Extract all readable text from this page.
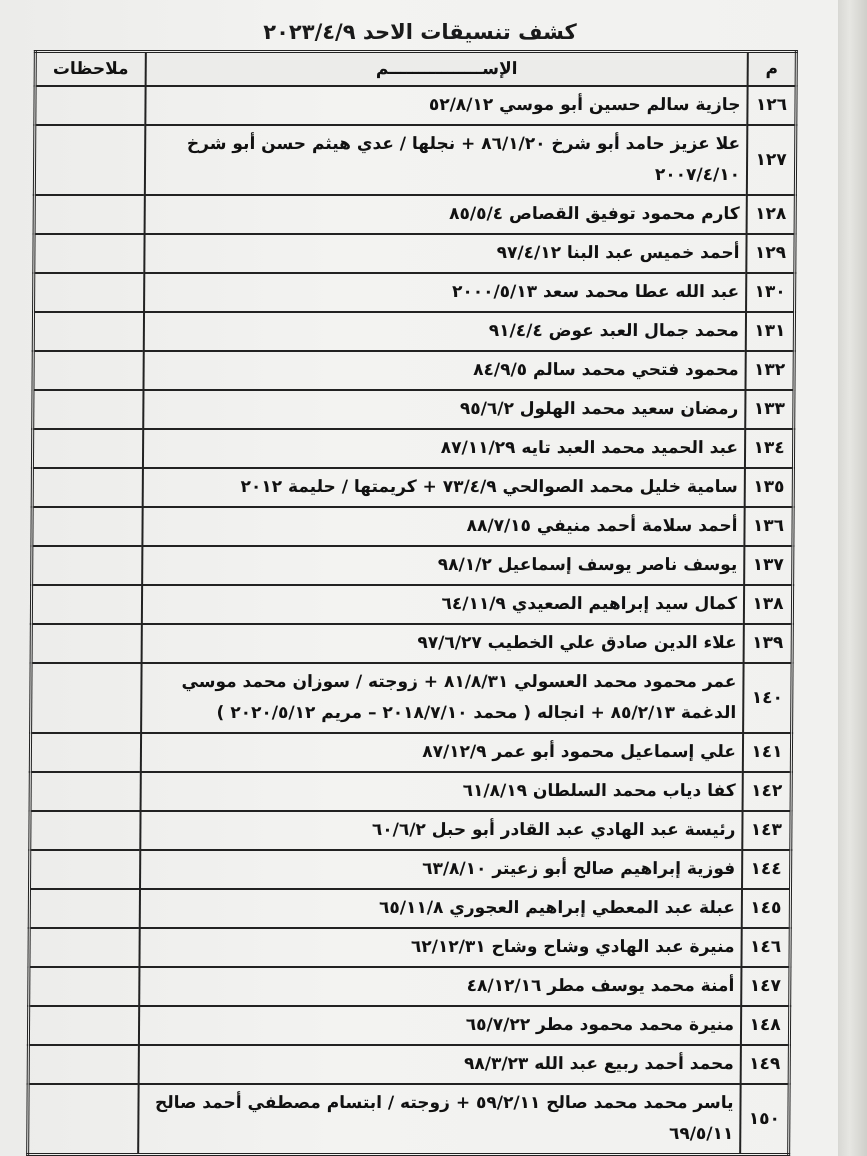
كشف تنسيقات الاحد ٢٠٢٣/٤/٩
م	الإســــــــــــــــم	ملاحظات
١٢٦	جازية سالم حسين أبو موسي ٥٢/٨/١٢	
١٢٧	علا عزيز حامد أبو شرخ ٨٦/١/٢٠ + نجلها / عدي هيثم حسن أبو شرخ ٢٠٠٧/٤/١٠	
١٢٨	كارم محمود توفيق القصاص ٨٥/٥/٤	
١٢٩	أحمد خميس عبد البنا ٩٧/٤/١٢	
١٣٠	عبد الله عطا محمد سعد ٢٠٠٠/٥/١٣	
١٣١	محمد جمال العبد عوض ٩١/٤/٤	
١٣٢	محمود فتحي محمد سالم ٨٤/٩/٥	
١٣٣	رمضان سعيد محمد الهلول ٩٥/٦/٢	
١٣٤	عبد الحميد محمد العبد تايه ٨٧/١١/٢٩	
١٣٥	سامية خليل محمد الصوالحي ٧٣/٤/٩ + كريمتها / حليمة ٢٠١٢	
١٣٦	أحمد سلامة أحمد منيفي ٨٨/٧/١٥	
١٣٧	يوسف ناصر يوسف إسماعيل ٩٨/١/٢	
١٣٨	كمال سيد إبراهيم الصعيدي ٦٤/١١/٩	
١٣٩	علاء الدين صادق علي الخطيب ٩٧/٦/٢٧	
١٤٠	عمر محمود محمد العسولي ٨١/٨/٣١ + زوجته / سوزان محمد موسي الدغمة ٨٥/٢/١٣ + انجاله ( محمد ٢٠١٨/٧/١٠ – مريم ٢٠٢٠/٥/١٢ )	
١٤١	علي إسماعيل محمود أبو عمر ٨٧/١٢/٩	
١٤٢	كفا دياب محمد السلطان ٦١/٨/١٩	
١٤٣	رئيسة عبد الهادي عبد القادر أبو حبل ٦٠/٦/٢	
١٤٤	فوزية إبراهيم صالح أبو زعيتر ٦٣/٨/١٠	
١٤٥	عبلة عبد المعطي إبراهيم العجوري ٦٥/١١/٨	
١٤٦	منيرة عبد الهادي وشاح وشاح ٦٢/١٢/٣١	
١٤٧	أمنة محمد يوسف مطر ٤٨/١٢/١٦	
١٤٨	منيرة محمد محمود مطر ٦٥/٧/٢٢	
١٤٩	محمد أحمد ربيع عبد الله ٩٨/٣/٢٣	
١٥٠	ياسر محمد محمد صالح ٥٩/٢/١١ + زوجته / ابتسام مصطفي أحمد صالح ٦٩/٥/١١	
